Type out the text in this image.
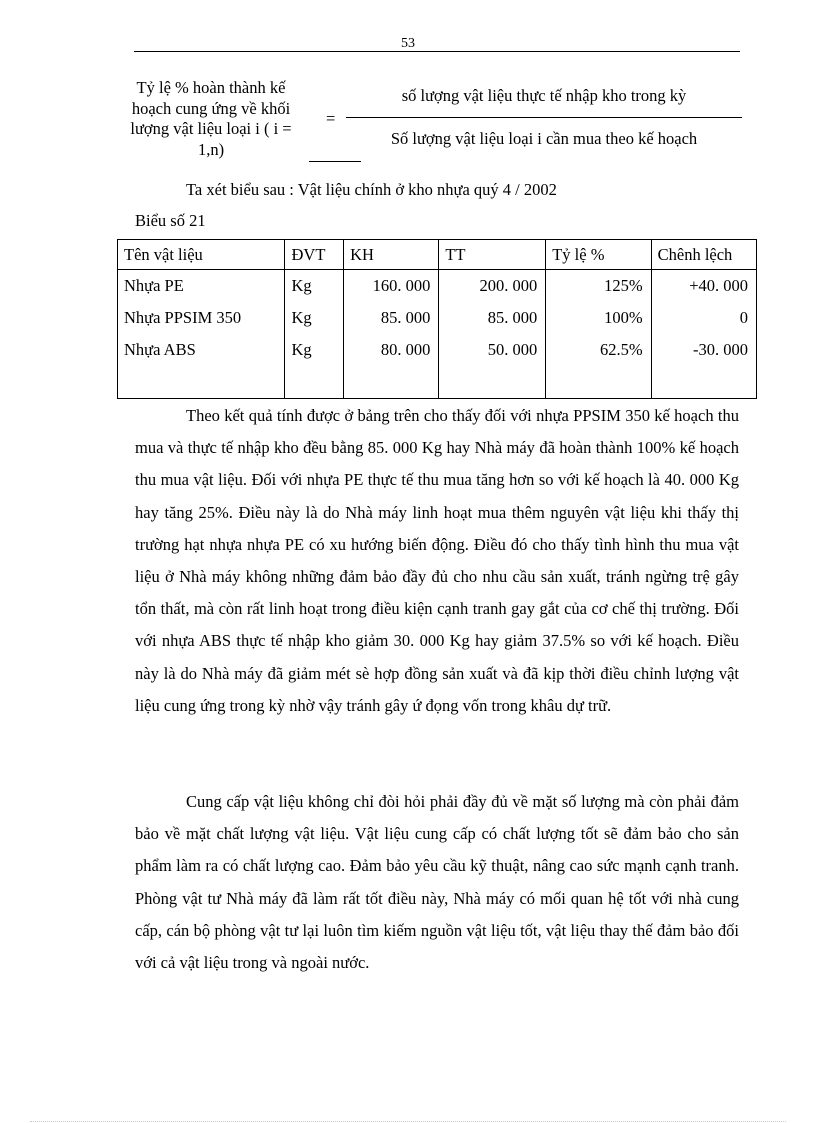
53
Tỷ lệ % hoàn thành kế hoạch cung ứng về khối lượng vật liệu loại i ( i = 1,n)
=
số lượng vật liệu thực tế nhập kho trong kỳ
Số lượng vật liệu loại i cần mua theo kế hoạch
Ta xét biểu sau : Vật liệu chính ở kho nhựa quý 4 / 2002
Biểu số 21
Tên vật liệu	ĐVT	KH	TT	Tỷ lệ %	Chênh lệch
Nhựa PE	Kg	160. 000	200. 000	125%	+40. 000
Nhựa PPSIM 350	Kg	85. 000	85. 000	100%	0
Nhựa ABS	Kg	80. 000	50. 000	62.5%	-30. 000

Theo kết quả tính được ở bảng trên cho thấy đối với nhựa PPSIM 350 kế hoạch thu mua và thực tế nhập kho đều bằng 85. 000 Kg hay Nhà máy đã hoàn thành 100% kế hoạch thu mua vật liệu. Đối với nhựa PE thực tế thu mua tăng hơn so với kế hoạch là 40. 000 Kg hay tăng 25%. Điều này là do Nhà máy linh hoạt mua thêm nguyên vật liệu khi thấy thị trường hạt nhựa nhựa PE có xu hướng biến động. Điều đó cho thấy tình hình thu mua vật liệu ở Nhà máy không những đảm bảo đầy đủ cho nhu cầu sản xuất, tránh ngừng trệ gây tổn thất, mà còn rất linh hoạt trong điều kiện cạnh tranh gay gắt của cơ chế thị trường. Đối với nhựa ABS thực tế nhập kho giảm 30. 000 Kg hay giảm 37.5% so với kế hoạch. Điều này là do Nhà máy đã giảm mét sè hợp đồng sản xuất và đã kịp thời điều chỉnh lượng vật liệu cung ứng trong kỳ nhờ vậy tránh gây ứ đọng vốn trong khâu dự trữ.

Cung cấp vật liệu không chỉ đòi hỏi phải đầy đủ về mặt số lượng mà còn phải đảm bảo về mặt chất lượng vật liệu. Vật liệu cung cấp có chất lượng tốt sẽ đảm bảo cho sản phẩm làm ra có chất lượng cao. Đảm bảo yêu cầu kỹ thuật, nâng cao sức mạnh cạnh tranh. Phòng vật tư Nhà máy đã làm rất tốt điều này, Nhà máy có mối quan hệ tốt với nhà cung cấp, cán bộ phòng vật tư lại luôn tìm kiếm nguồn vật liệu tốt, vật liệu thay thế đảm bảo đối với cả vật liệu trong và ngoài nước.
